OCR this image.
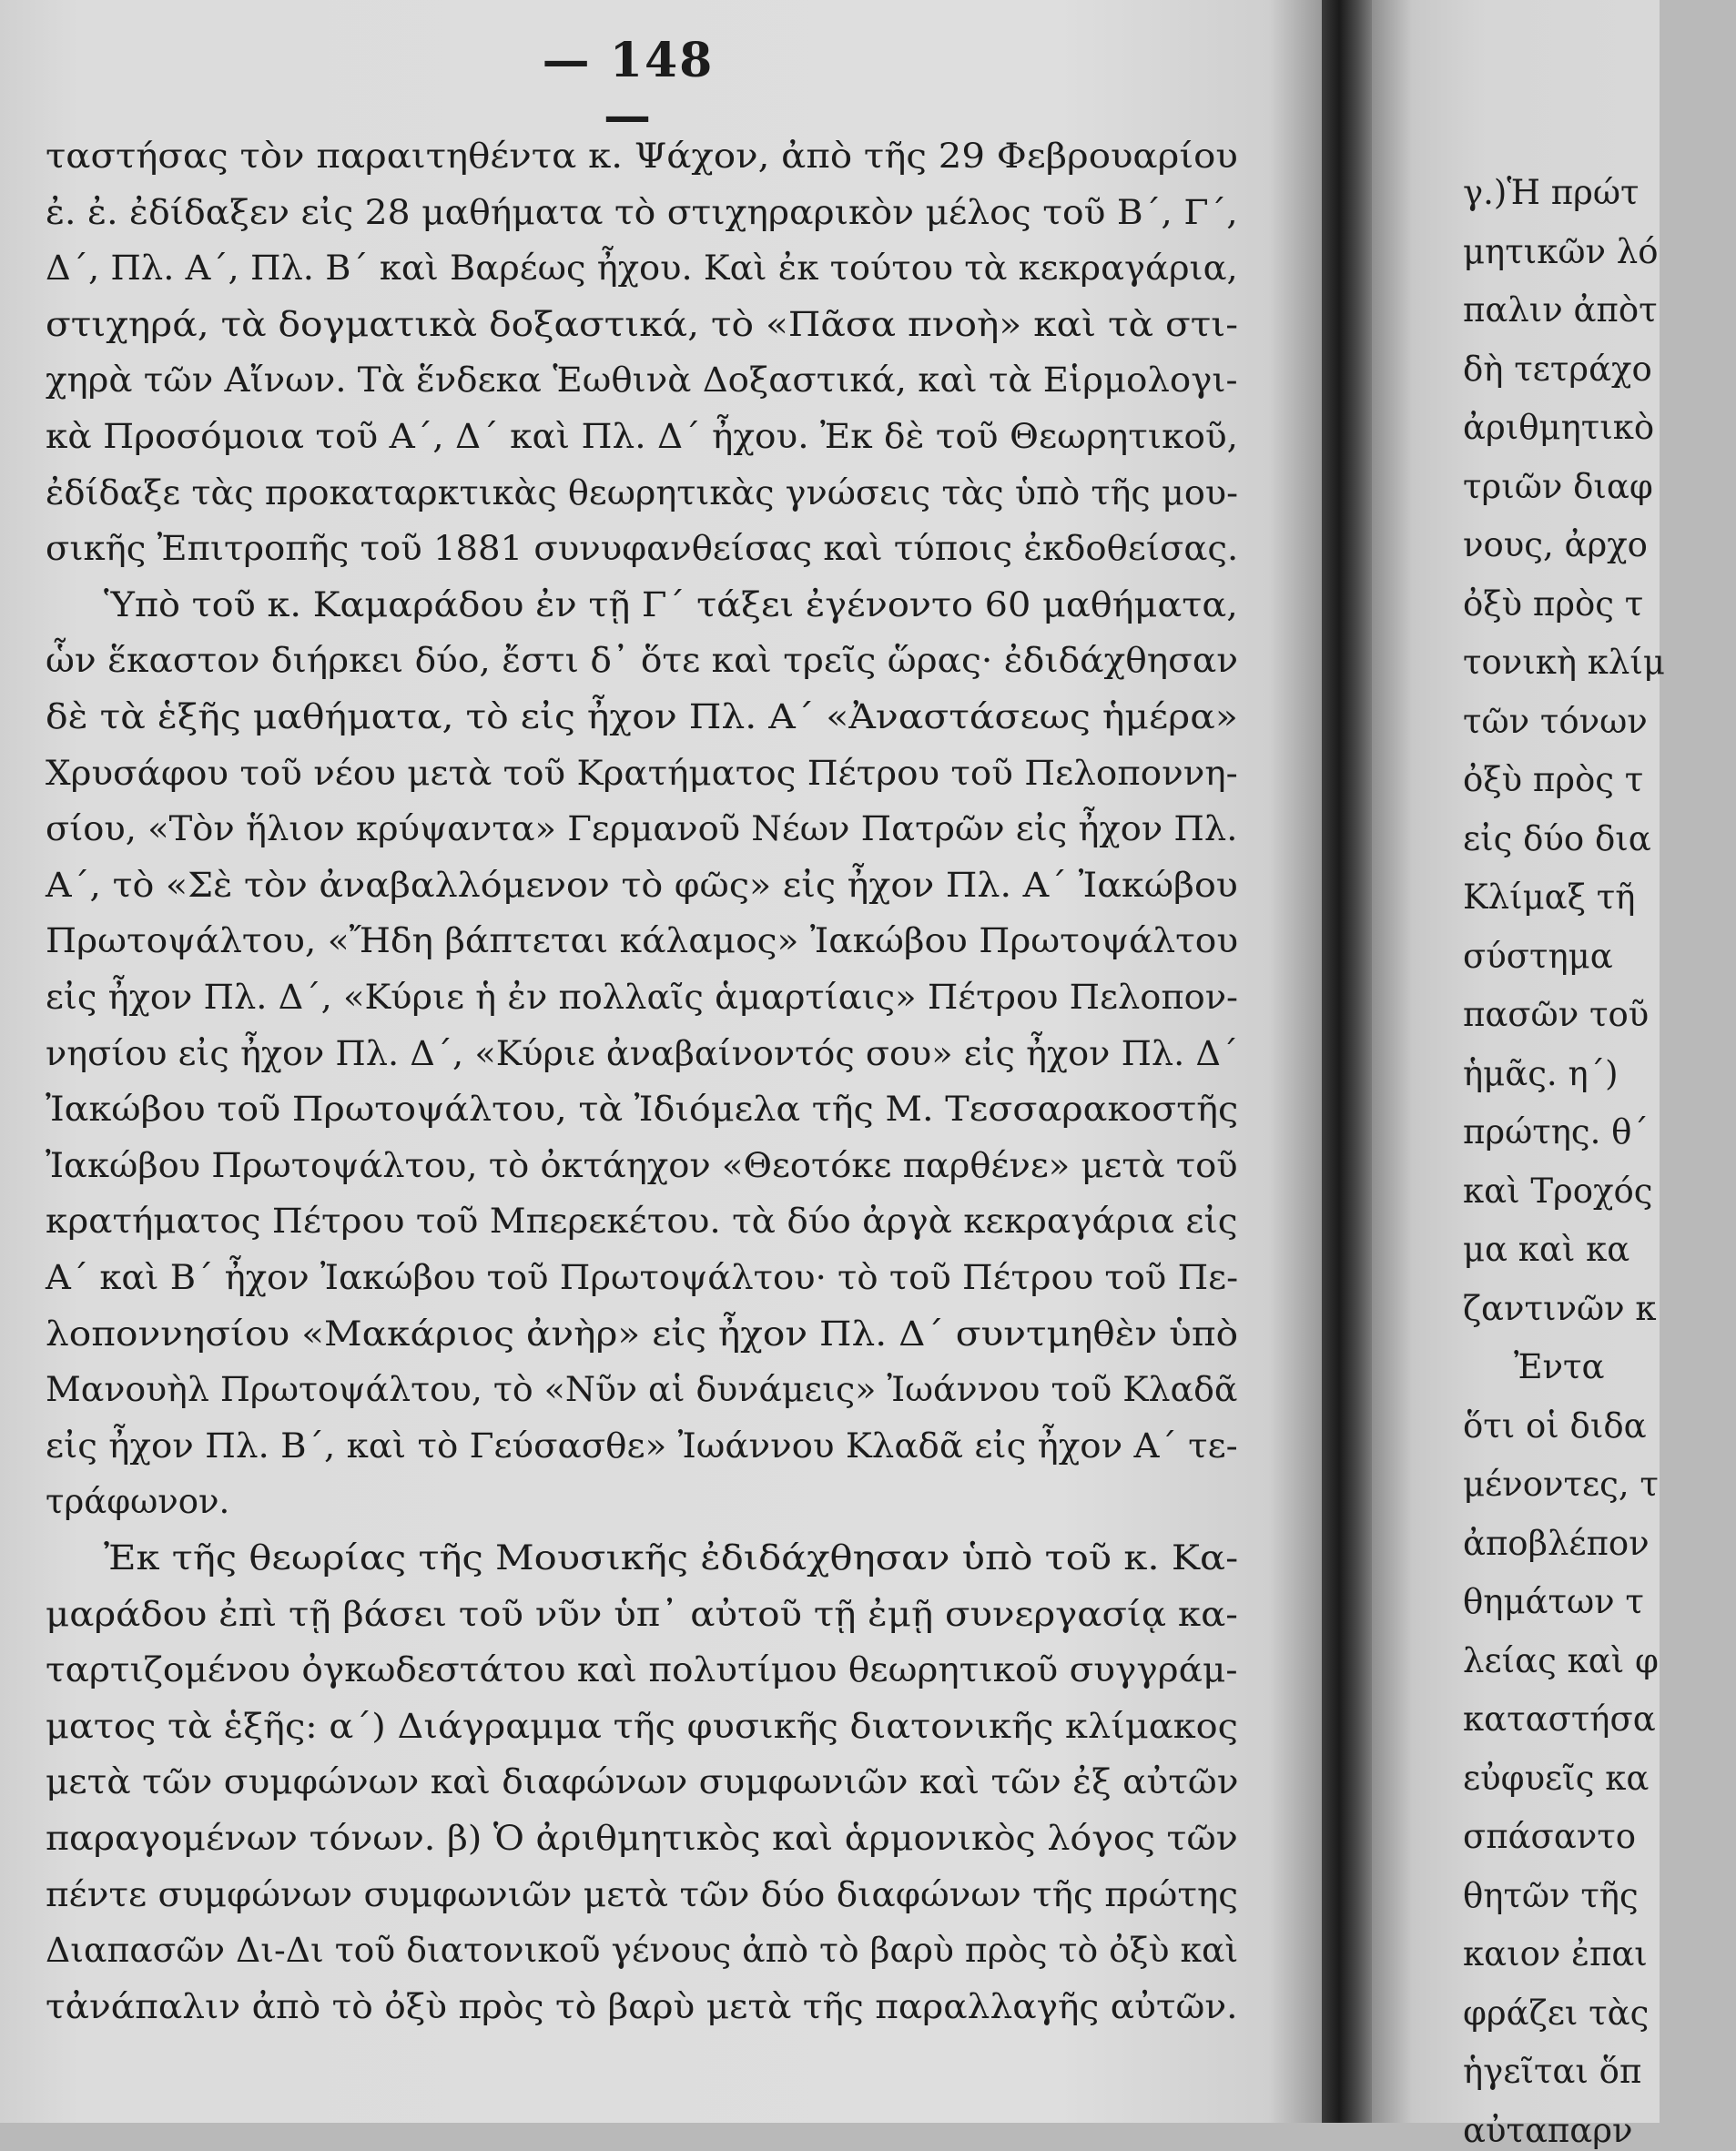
— 148 —
ταστήσας τὸν παραιτηθέντα κ. Ψάχον, ἀπὸ τῆς 29 Φεβρουαρίου
ἐ. ἐ. ἐδίδαξεν εἰς 28 μαθήματα τὸ στιχηραρικὸν μέλος τοῦ Β΄, Γ΄,
Δ΄, Πλ. Α΄, Πλ. Β΄ καὶ Βαρέως ἦχου. Καὶ ἐκ τούτου τὰ κεκραγάρια,
στιχηρά, τὰ δογματικὰ δοξαστικά, τὸ «Πᾶσα πνοὴ» καὶ τὰ στι-
χηρὰ τῶν Αἴνων. Τὰ ἕνδεκα Ἑωθινὰ Δοξαστικά, καὶ τὰ Εἱρμολογι-
κὰ Προσόμοια τοῦ Α΄, Δ΄ καὶ Πλ. Δ΄ ἦχου. Ἐκ δὲ τοῦ Θεωρητικοῦ,
ἐδίδαξε τὰς προκαταρκτικὰς θεωρητικὰς γνώσεις τὰς ὑπὸ τῆς μου-
σικῆς Ἐπιτροπῆς τοῦ 1881 συνυφανθείσας καὶ τύποις ἐκδοθείσας.
Ὑπὸ τοῦ κ. Καμαράδου ἐν τῇ Γ΄ τάξει ἐγένοντο 60 μαθήματα,
ὧν ἕκαστον διήρκει δύο, ἔστι δ᾽ ὅτε καὶ τρεῖς ὥρας· ἐδιδάχθησαν
δὲ τὰ ἑξῆς μαθήματα, τὸ εἰς ἦχον Πλ. Α΄ «Ἀναστάσεως ἡμέρα»
Χρυσάφου τοῦ νέου μετὰ τοῦ Κρατήματος Πέτρου τοῦ Πελοποννη-
σίου, «Τὸν ἥλιον κρύψαντα» Γερμανοῦ Νέων Πατρῶν εἰς ἦχον Πλ.
Α΄, τὸ «Σὲ τὸν ἀναβαλλόμενον τὸ φῶς» εἰς ἦχον Πλ. Α΄ Ἰακώβου
Πρωτοψάλτου, «Ἤδη βάπτεται κάλαμος» Ἰακώβου Πρωτοψάλτου
εἰς ἦχον Πλ. Δ΄, «Κύριε ἡ ἐν πολλαῖς ἁμαρτίαις» Πέτρου Πελοπον-
νησίου εἰς ἦχον Πλ. Δ΄, «Κύριε ἀναβαίνοντός σου» εἰς ἦχον Πλ. Δ΄
Ἰακώβου τοῦ Πρωτοψάλτου, τὰ Ἰδιόμελα τῆς Μ. Τεσσαρακοστῆς
Ἰακώβου Πρωτοψάλτου, τὸ ὀκτάηχον «Θεοτόκε παρθένε» μετὰ τοῦ
κρατήματος Πέτρου τοῦ Μπερεκέτου. τὰ δύο ἀργὰ κεκραγάρια εἰς
Α΄ καὶ Β΄ ἦχον Ἰακώβου τοῦ Πρωτοψάλτου· τὸ τοῦ Πέτρου τοῦ Πε-
λοποννησίου «Μακάριος ἀνὴρ» εἰς ἦχον Πλ. Δ΄ συντμηθὲν ὑπὸ
Μανουὴλ Πρωτοψάλτου, τὸ «Νῦν αἱ δυνάμεις» Ἰωάννου τοῦ Κλαδᾶ
εἰς ἦχον Πλ. Β΄, καὶ τὸ Γεύσασθε» Ἰωάννου Κλαδᾶ εἰς ἦχον Α΄ τε-
τράφωνον.
Ἐκ τῆς θεωρίας τῆς Μουσικῆς ἐδιδάχθησαν ὑπὸ τοῦ κ. Κα-
μαράδου ἐπὶ τῇ βάσει τοῦ νῦν ὑπ᾽ αὐτοῦ τῇ ἐμῇ συνεργασίᾳ κα-
ταρτιζομένου ὀγκωδεστάτου καὶ πολυτίμου θεωρητικοῦ συγγράμ-
ματος τὰ ἑξῆς: α΄) Διάγραμμα τῆς φυσικῆς διατονικῆς κλίμακος
μετὰ τῶν συμφώνων καὶ διαφώνων συμφωνιῶν καὶ τῶν ἐξ αὐτῶν
παραγομένων τόνων. β) Ὁ ἀριθμητικὸς καὶ ἁρμονικὸς λόγος τῶν
πέντε συμφώνων συμφωνιῶν μετὰ τῶν δύο διαφώνων τῆς πρώτης
Διαπασῶν Δι-Δι τοῦ διατονικοῦ γένους ἀπὸ τὸ βαρὺ πρὸς τὸ ὀξὺ καὶ
τἀνάπαλιν ἀπὸ τὸ ὀξὺ πρὸς τὸ βαρὺ μετὰ τῆς παραλλαγῆς αὐτῶν.
γ.)Ἡ πρώτ
μητικῶν λό
παλιν ἀπὸτ
δὴ τετράχο
ἀριθμητικὸ
τριῶν διαφ
νους, ἀρχο
ὀξὺ πρὸς τ
τονικὴ κλίμ
τῶν τόνων
ὀξὺ πρὸς τ
εἰς δύο δια
Κλίμαξ τῆ
σύστημα
πασῶν τοῦ
ἡμᾶς. η΄)
πρώτης. θ΄
καὶ Τροχός
μα καὶ κα
ζαντινῶν κ
Ἐντα
ὅτι οἱ διδα
μένοντες, τ
ἀποβλέπον
θημάτων τ
λείας καὶ φ
καταστήσα
εὐφυεῖς κα
σπάσαντο
θητῶν τῆς
καιον ἐπαι
φράζει τὰς
ἡγεῖται ὅπ
αὐταπαρν
